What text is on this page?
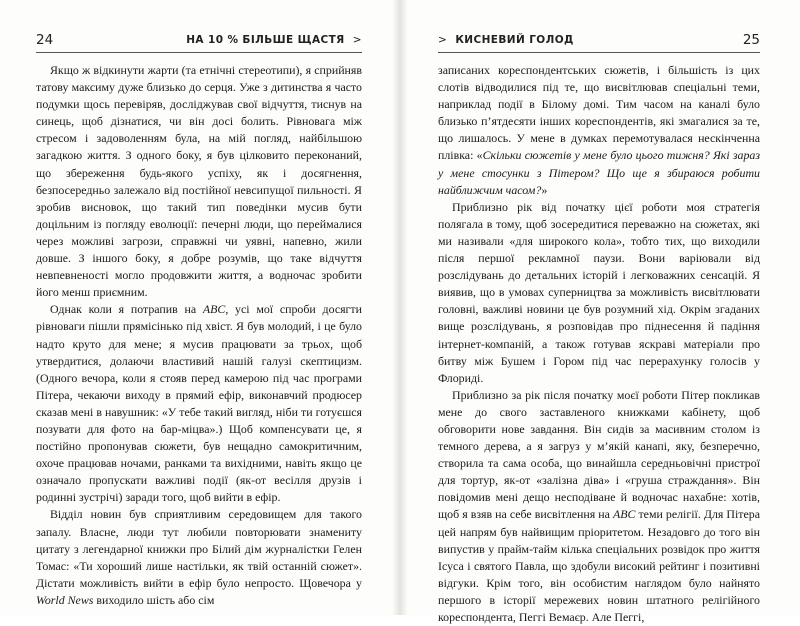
24	НА 10 % БІЛЬШЕ ЩАСТЯ >

Якщо ж відкинути жарти (та етнічні стереотипи), я сприйняв татову максиму дуже близько до серця. Уже з дитинства я часто подумки щось перевіряв, досліджував свої відчуття, тиснув на синець, щоб дізнатися, чи він досі болить. Рівновага між стресом і задоволенням була, на мій погляд, найбільшою загадкою життя. З одного боку, я був цілковито переконаний, що збереження будь-якого успіху, як і досягнення, безпосередньо залежало від постійної невсипущої пильності. Я зробив висновок, що такий тип поведінки мусив бути доцільним із погляду еволюції: печерні люди, що переймалися через можливі загрози, справжні чи уявні, напевно, жили довше. З іншого боку, я добре розумів, що таке відчуття невпевненості могло продовжити життя, а водночас зробити його менш приємним.

Однак коли я потрапив на ABC, усі мої спроби досягти рівноваги пішли прямісінько під хвіст. Я був молодий, і це було надто круто для мене; я мусив працювати за трьох, щоб утвердитися, долаючи властивий нашій галузі скептицизм. (Одного вечора, коли я стояв перед камерою під час програми Пітера, чекаючи виходу в прямий ефір, виконавчий продюсер сказав мені в навушник: «У тебе такий вигляд, ніби ти готуєшся позувати для фото на бар-міцва».) Щоб компенсувати це, я постійно пропонував сюжети, був нещадно самокритичним, охоче працював ночами, ранками та вихідними, навіть якщо це означало пропускати важливі події (як-от весілля друзів і родинні зустрічі) заради того, щоб вийти в ефір.

Відділ новин був сприятливим середовищем для такого запалу. Власне, люди тут любили повторювати знамениту цитату з легендарної книжки про Білий дім журналістки Гелен Томас: «Ти хороший лише настільки, як твій останній сюжет». Дістати можливість вийти в ефір було непросто. Щовечора у World News виходило шість або сім

> КИСНЕВИЙ ГОЛОД	25

записаних кореспондентських сюжетів, і більшість із цих слотів відводилися під те, що висвітлював спеціальні теми, наприклад події в Білому домі. Тим часом на каналі було близько п’ятдесяти інших кореспондентів, які змагалися за те, що лишалось. У мене в думках перемотувалася нескінченна плівка: «Скільки сюжетів у мене було цього тижня? Які зараз у мене стосунки з Пітером? Що ще я збираюся робити найближчим часом?»

Приблизно рік від початку цієї роботи моя стратегія полягала в тому, щоб зосередитися переважно на сюжетах, які ми називали «для широкого кола», тобто тих, що виходили після першої рекламної паузи. Вони варіювали від розслідувань до детальних історій і легковажних сенсацій. Я виявив, що в умовах суперництва за можливість висвітлювати головні, важливі новини це був розумний хід. Окрім згаданих вище розслідувань, я розповідав про піднесення й падіння інтернет-компаній, а також готував яскраві матеріали про битву між Бушем і Гором під час перерахунку голосів у Флориді.

Приблизно за рік після початку моєї роботи Пітер покликав мене до свого заставленого книжками кабінету, щоб обговорити нове завдання. Він сидів за масивним столом із темного дерева, а я загруз у м’якій канапі, яку, безперечно, створила та сама особа, що винайшла середньовічні пристрої для тортур, як-от «залізна діва» і «груша страждання». Він повідомив мені дещо несподіване й водночас нахабне: хотів, щоб я взяв на себе висвітлення на ABC теми релігії. Для Пітера цей напрям був найвищим пріоритетом. Незадовго до того він випустив у прайм-тайм кілька спеціальних розвідок про життя Ісуса і святого Павла, що здобули високий рейтинг і позитивні відгуки. Крім того, він особистим наглядом було найнято першого в історії мережевих новин штатного релігійного кореспондента, Пеггі Вемаєр. Але Пеггі,
